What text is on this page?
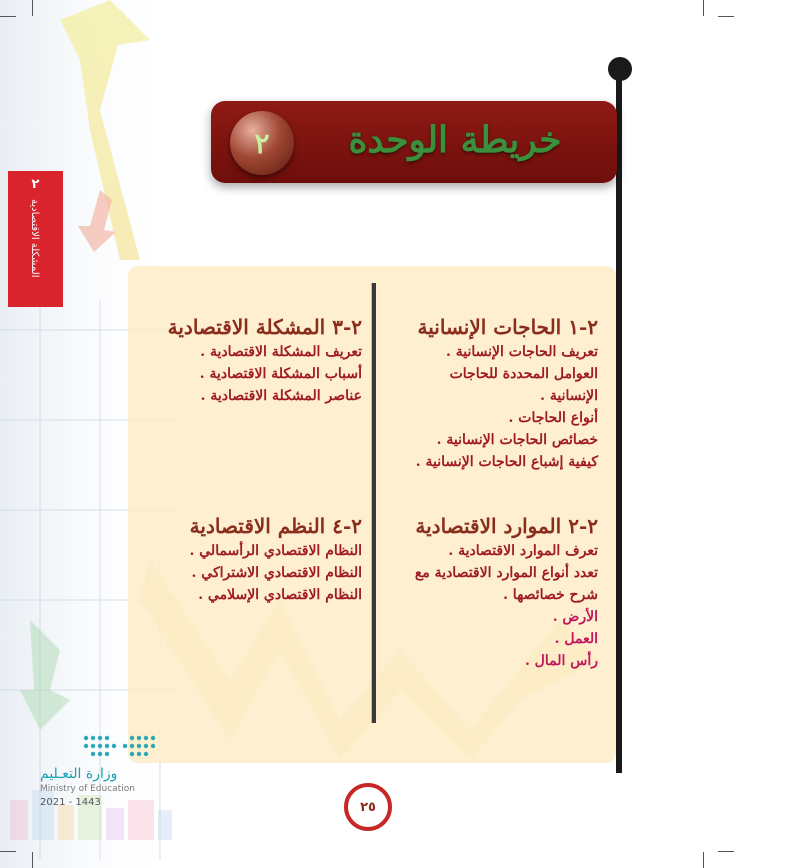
٢
المشكلة الاقتصادية
خريطة الوحدة
٢
٢-١ الحاجات الإنسانية
تعريف الحاجات الإنسانية .
العوامل المحددة للحاجات
الإنسانية .
أنواع الحاجات .
خصائص الحاجات الإنسانية .
كيفية إشباع الحاجات الإنسانية .
٢-٣ المشكلة الاقتصادية
تعريف المشكلة الاقتصادية .
أسباب المشكلة الاقتصادية .
عناصر المشكلة الاقتصادية .
٢-٢ الموارد الاقتصادية
تعرف الموارد الاقتصادية .
تعدد أنواع الموارد الاقتصادية مع
شرح خصائصها .
الأرض .
العمل .
رأس المال .
٢-٤ النظم الاقتصادية
النظام الاقتصادي الرأسمالي .
النظام الاقتصادي الاشتراكي .
النظام الاقتصادي الإسلامي .
وزارة التعـليم
Ministry of Education
2021 - 1443	٢٥
